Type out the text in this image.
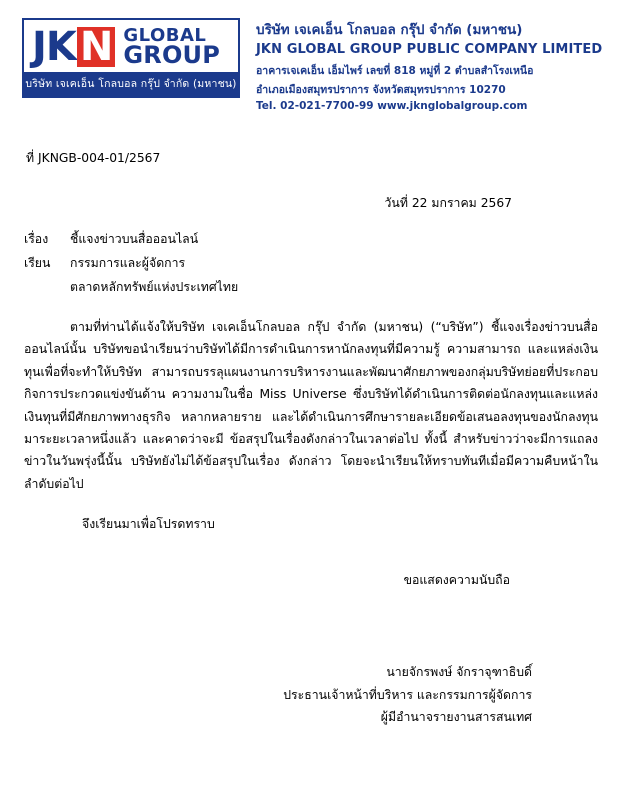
JK N GLOBAL
GROUP
บริษัท เจเคเอ็น โกลบอล กรุ๊ป จำกัด (มหาชน)
บริษัท เจเคเอ็น โกลบอล กรุ๊ป จำกัด (มหาชน)
JKN GLOBAL GROUP PUBLIC COMPANY LIMITED
อาคารเจเคเอ็น เอ็มไพร์ เลขที่ 818 หมู่ที่ 2 ตำบลสำโรงเหนือ
อำเภอเมืองสมุทรปราการ จังหวัดสมุทรปราการ 10270
Tel. 02-021-7700-99 www.jknglobalgroup.com
ที่ JKNGB-004-01/2567
วันที่ 22 มกราคม 2567
เรื่อง	ชี้แจงข่าวบนสื่อออนไลน์
เรียน	กรรมการและผู้จัดการ
ตลาดหลักทรัพย์แห่งประเทศไทย
ตามที่ท่านได้แจ้งให้บริษัท เจเคเอ็นโกลบอล กรุ๊ป จำกัด (มหาชน) (“บริษัท”) ชี้แจงเรื่องข่าวบนสื่อออนไลน์นั้น บริษัทขอนำเรียนว่าบริษัทได้มีการดำเนินการหานักลงทุนที่มีความรู้ ความสามารถ และแหล่งเงินทุนเพื่อที่จะทำให้บริษัท สามารถบรรลุแผนงานการบริหารงานและพัฒนาศักยภาพของกลุ่มบริษัทย่อยที่ประกอบกิจการประกวดแข่งขันด้าน ความงามในชื่อ Miss Universe ซึ่งบริษัทได้ดำเนินการติดต่อนักลงทุนและแหล่งเงินทุนที่มีศักยภาพทางธุรกิจ หลากหลายราย และได้ดำเนินการศึกษารายละเอียดข้อเสนอลงทุนของนักลงทุนมาระยะเวลาหนึ่งแล้ว และคาดว่าจะมี ข้อสรุปในเรื่องดังกล่าวในเวลาต่อไป ทั้งนี้ สำหรับข่าวว่าจะมีการแถลงข่าวในวันพรุ่งนี้นั้น บริษัทยังไม่ได้ข้อสรุปในเรื่อง ดังกล่าว โดยจะนำเรียนให้ทราบทันทีเมื่อมีความคืบหน้าในลำดับต่อไป
จึงเรียนมาเพื่อโปรดทราบ
ขอแสดงความนับถือ
นายจักรพงษ์ จักราจุฑาธิบดิ์
ประธานเจ้าหน้าที่บริหาร และกรรมการผู้จัดการ
ผู้มีอำนาจรายงานสารสนเทศ
